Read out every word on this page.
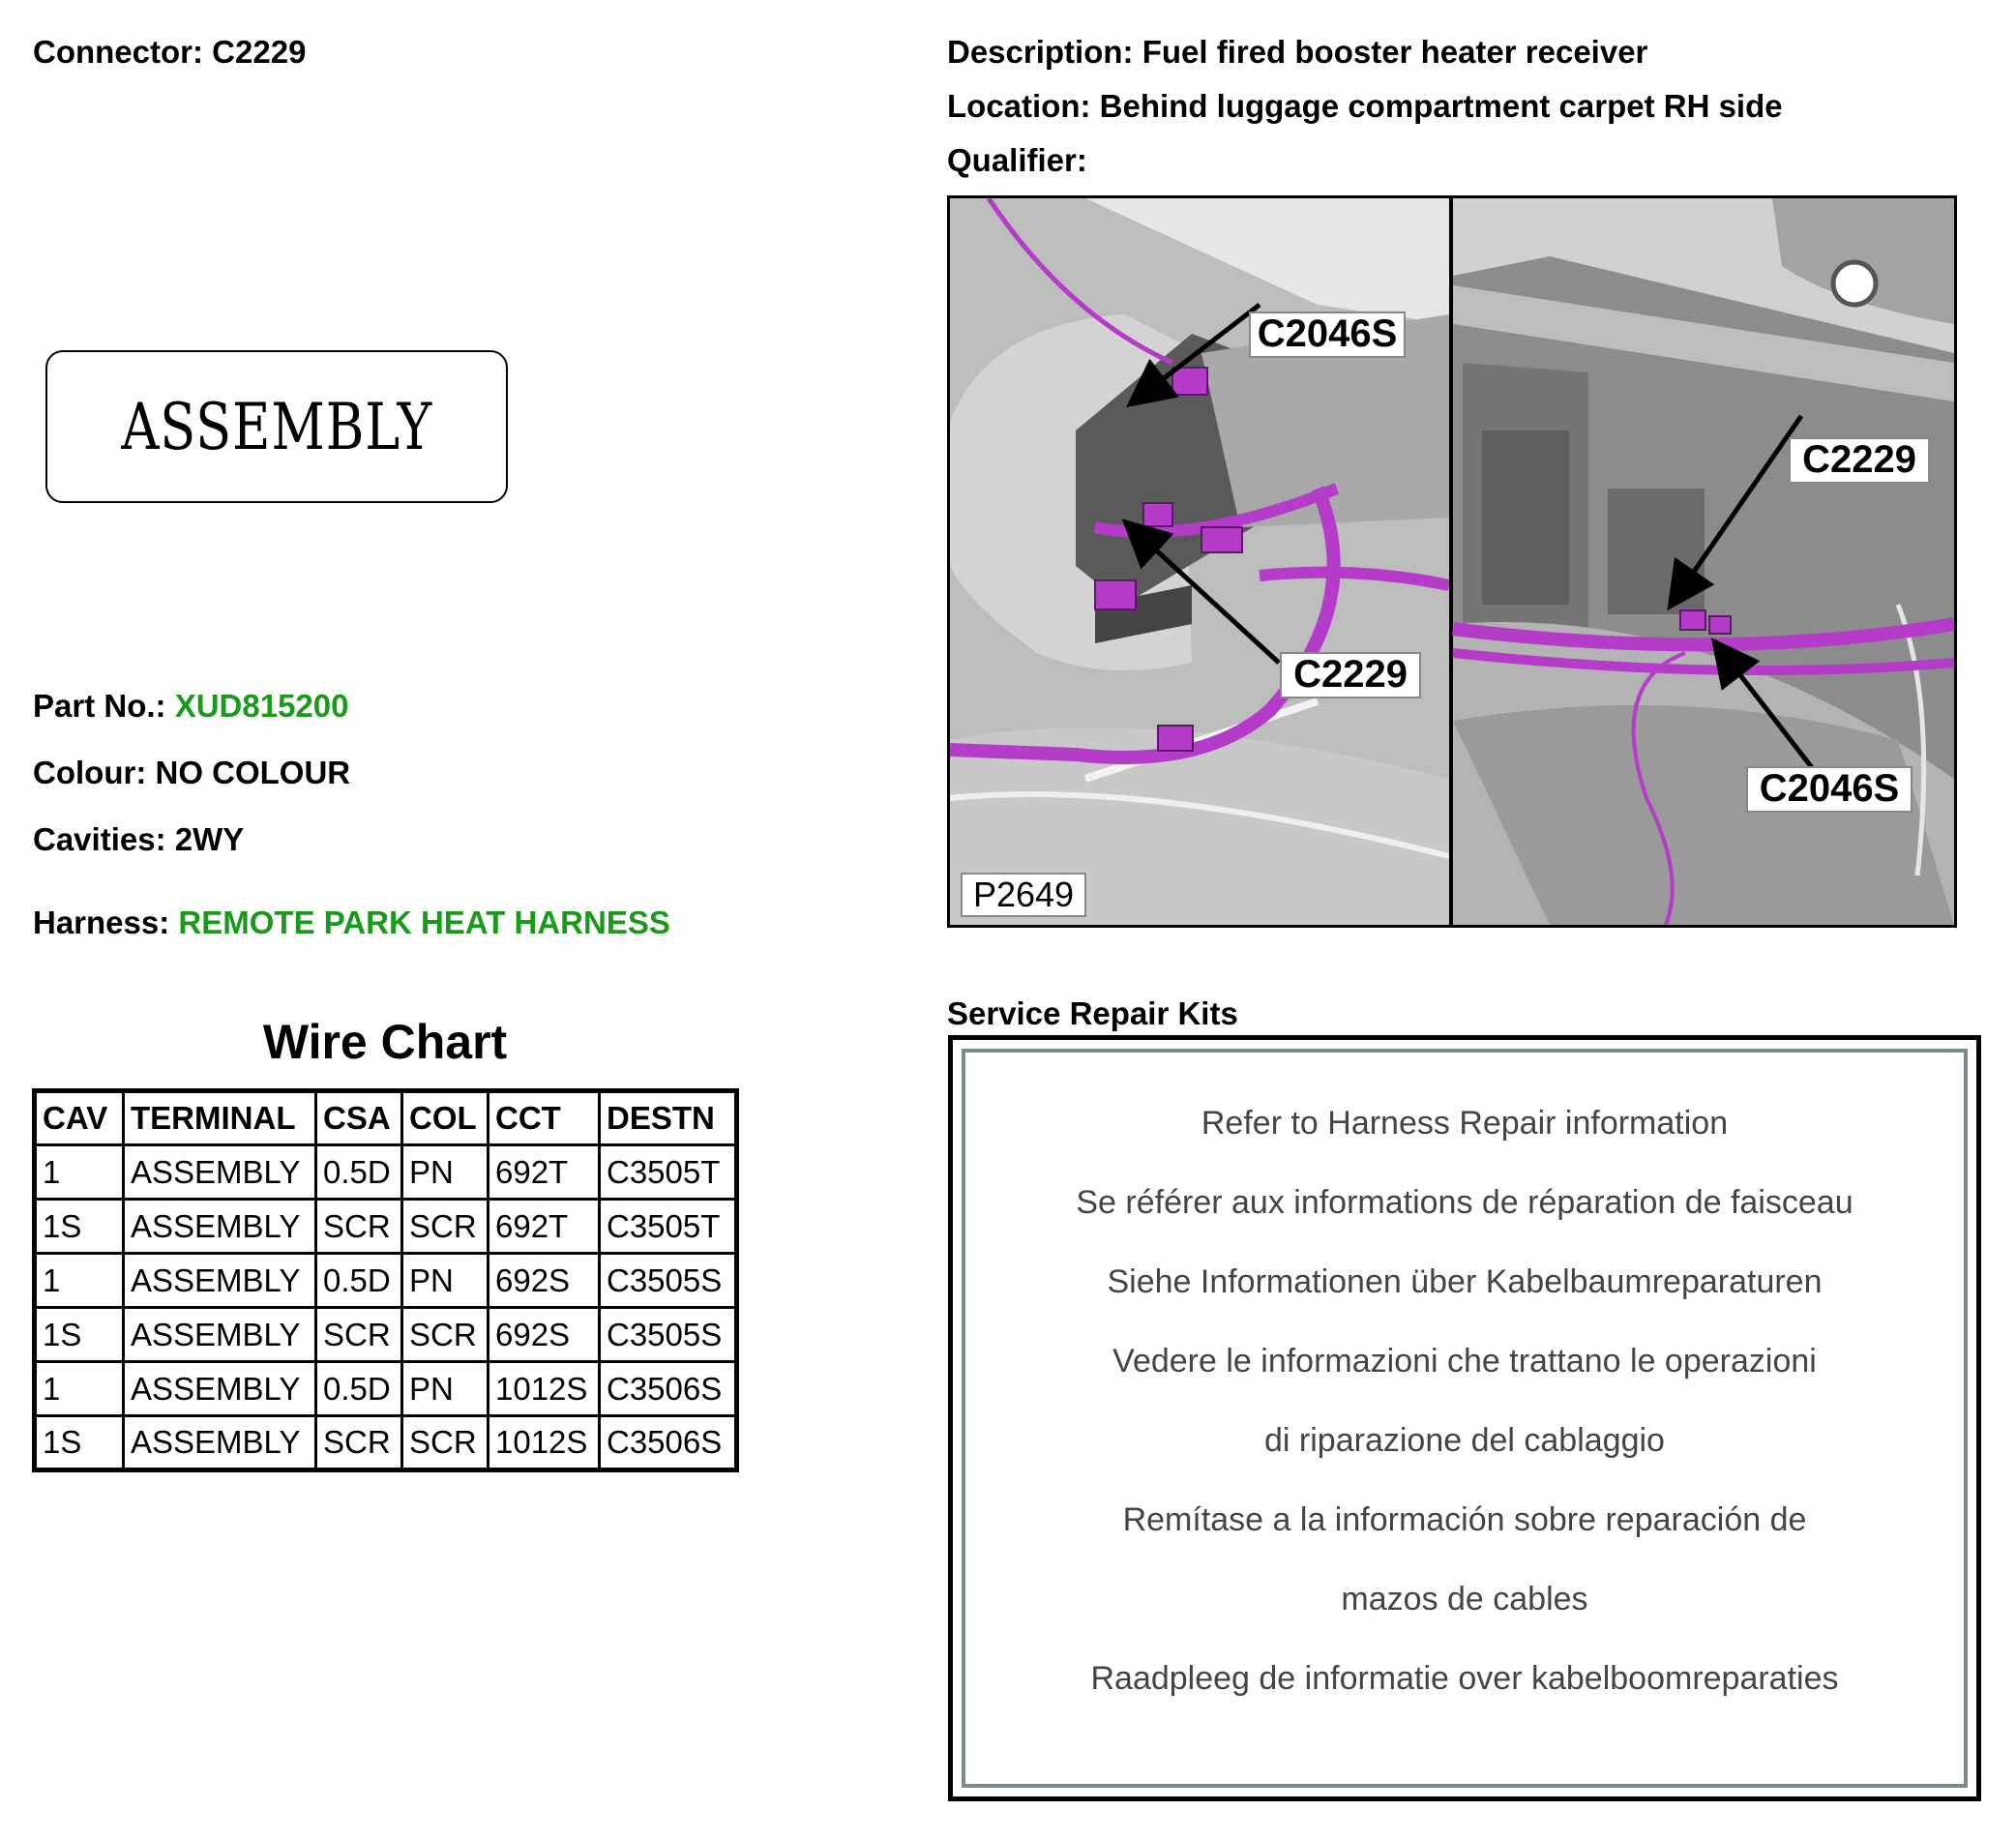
Connector: C2229	Description: Fuel fired booster heater receiver
Location: Behind luggage compartment carpet RH side
Qualifier:
ASSEMBLY
Part No.: XUD815200
Colour: NO COLOUR
Cavities: 2WY
Harness: REMOTE PARK HEAT HARNESS
Wire Chart
CAV	TERMINAL	CSA	COL	CCT	DESTN
1	ASSEMBLY	0.5D	PN	692T	C3505T
1S	ASSEMBLY	SCR	SCR	692T	C3505T
1	ASSEMBLY	0.5D	PN	692S	C3505S
1S	ASSEMBLY	SCR	SCR	692S	C3505S
1	ASSEMBLY	0.5D	PN	1012S	C3506S
1S	ASSEMBLY	SCR	SCR	1012S	C3506S
C2046S
C2229
C2229
C2046S
P2649
Service Repair Kits
Refer to Harness Repair information
Se référer aux informations de réparation de faisceau
Siehe Informationen über Kabelbaumreparaturen
Vedere le informazioni che trattano le operazioni
di riparazione del cablaggio
Remítase a la información sobre reparación de
mazos de cables
Raadpleeg de informatie over kabelboomreparaties
